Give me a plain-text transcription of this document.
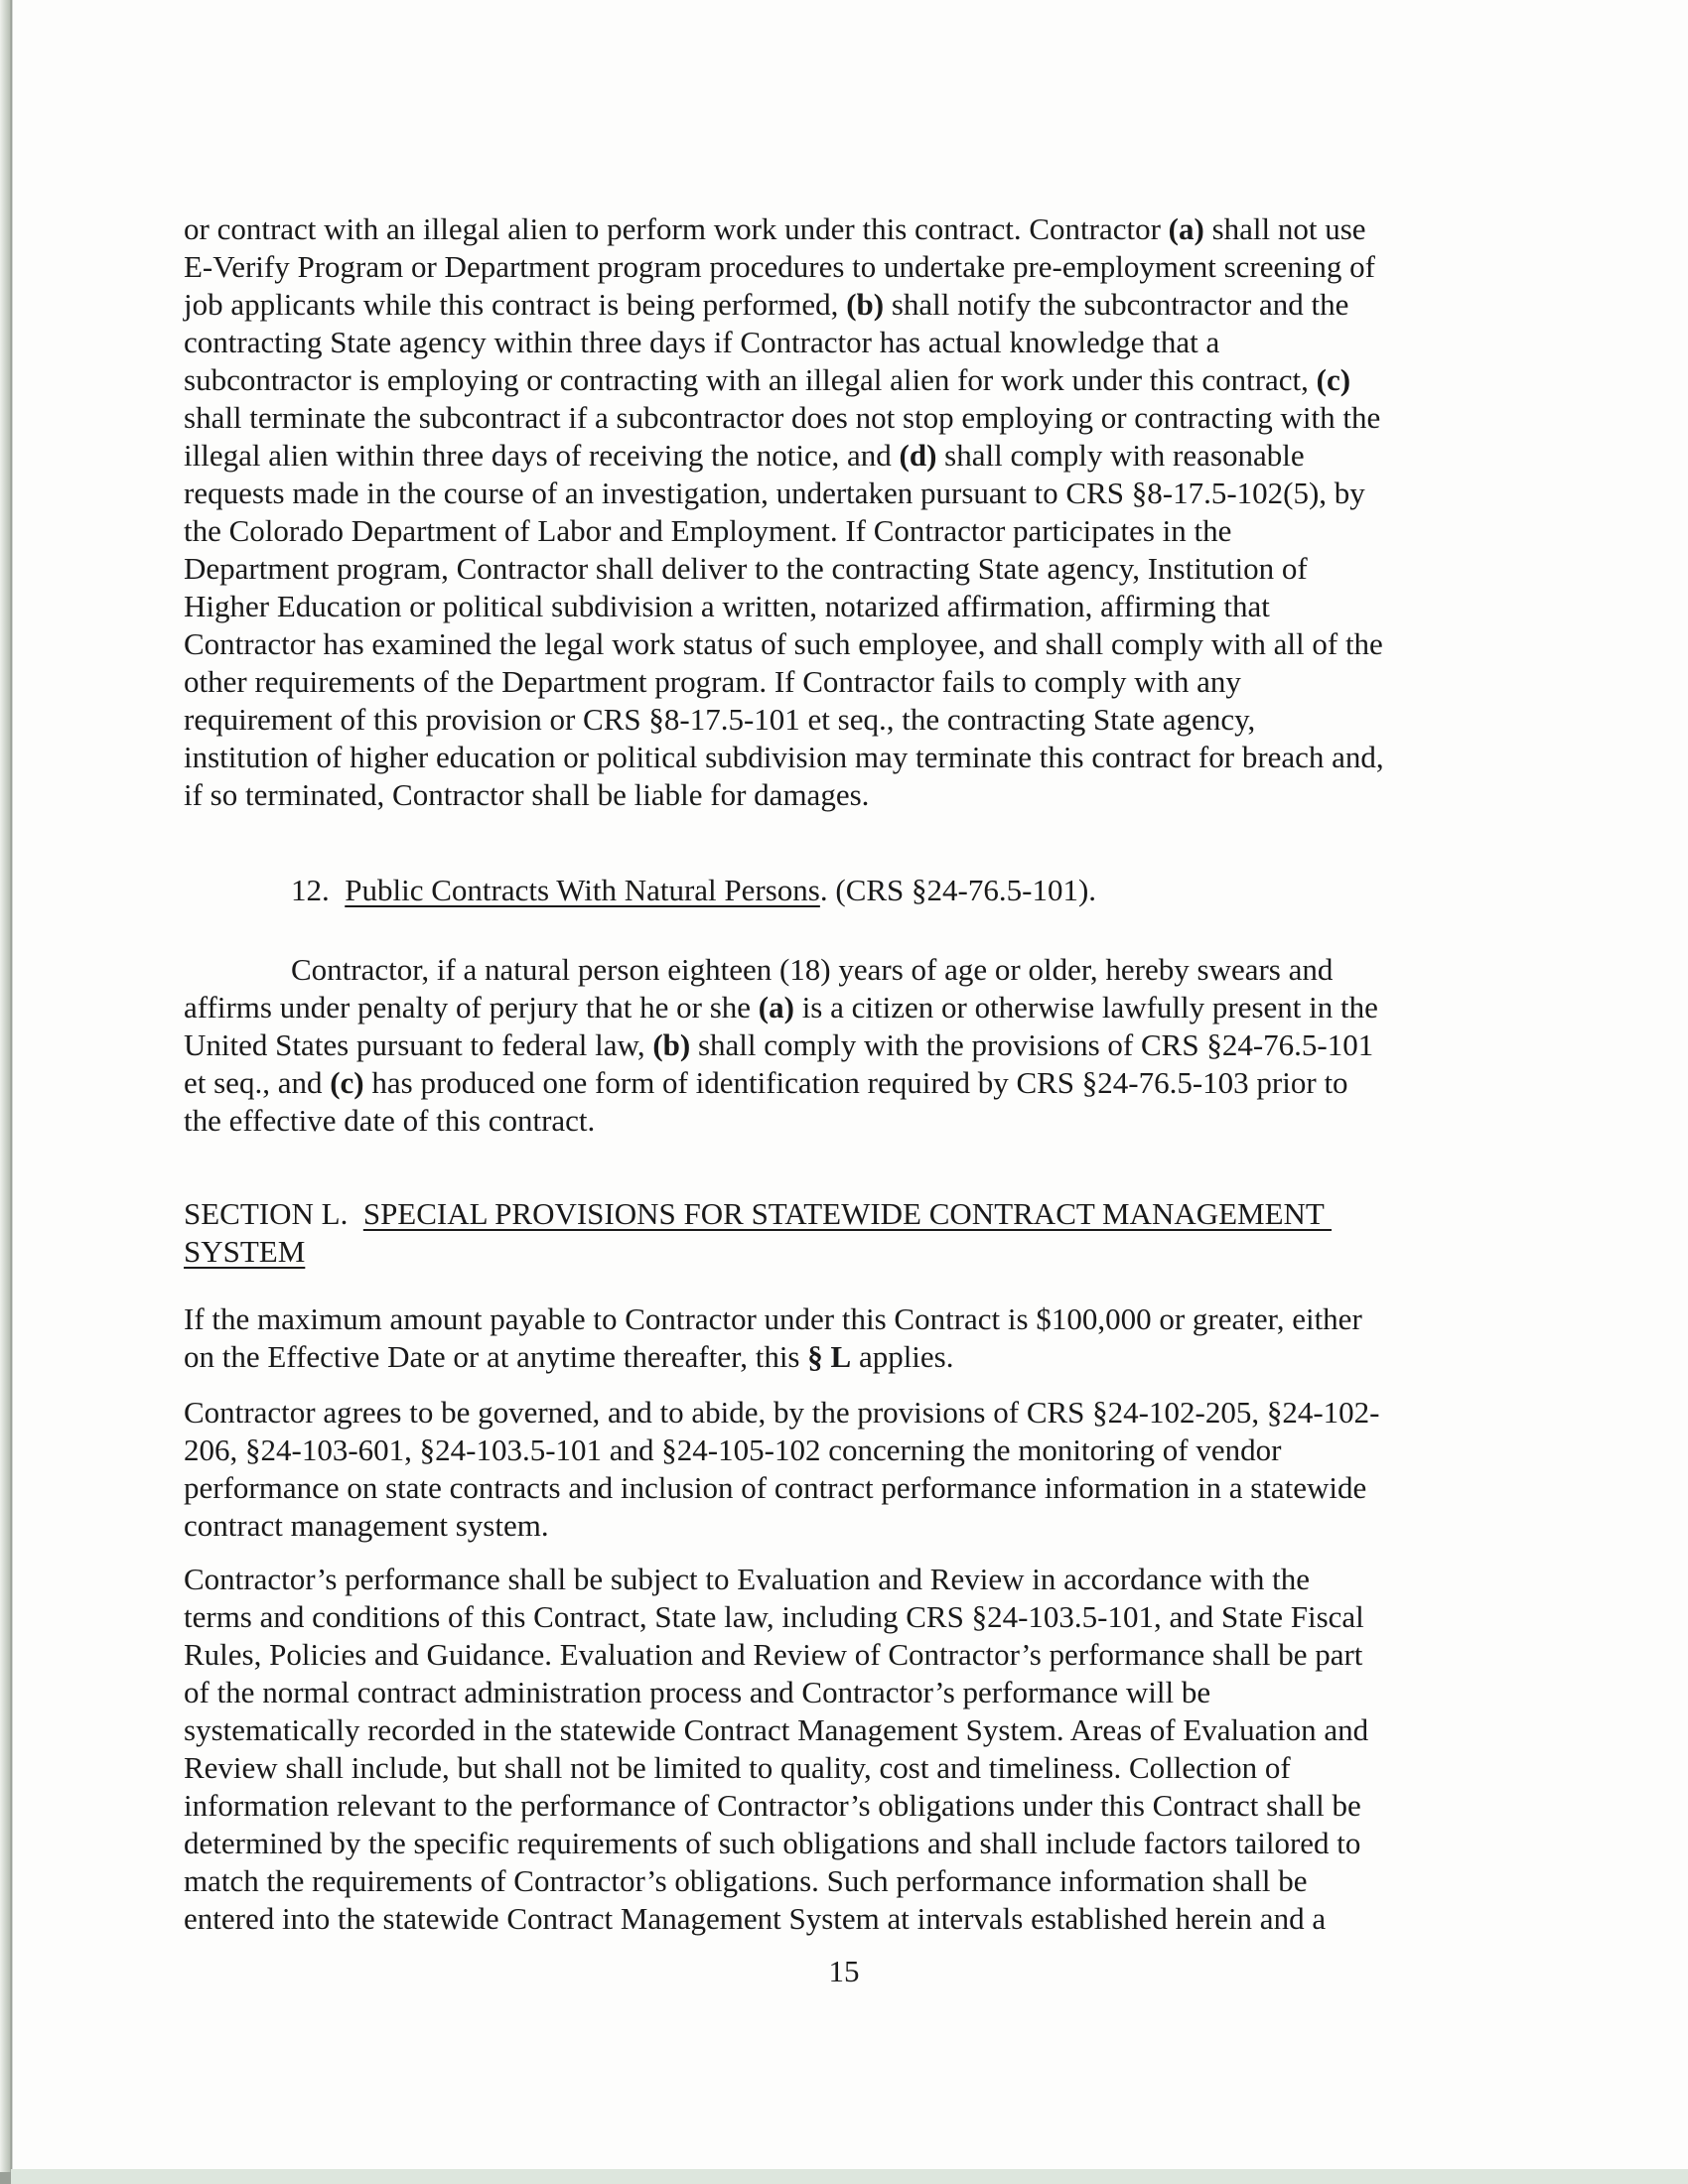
or contract with an illegal alien to perform work under this contract. Contractor (a) shall not use
E-Verify Program or Department program procedures to undertake pre-employment screening of
job applicants while this contract is being performed, (b) shall notify the subcontractor and the
contracting State agency within three days if Contractor has actual knowledge that a
subcontractor is employing or contracting with an illegal alien for work under this contract, (c)
shall terminate the subcontract if a subcontractor does not stop employing or contracting with the
illegal alien within three days of receiving the notice, and (d) shall comply with reasonable
requests made in the course of an investigation, undertaken pursuant to CRS §8-17.5-102(5), by
the Colorado Department of Labor and Employment. If Contractor participates in the
Department program, Contractor shall deliver to the contracting State agency, Institution of
Higher Education or political subdivision a written, notarized affirmation, affirming that
Contractor has examined the legal work status of such employee, and shall comply with all of the
other requirements of the Department program. If Contractor fails to comply with any
requirement of this provision or CRS §8-17.5-101 et seq., the contracting State agency,
institution of higher education or political subdivision may terminate this contract for breach and,
if so terminated, Contractor shall be liable for damages.
12.  Public Contracts With Natural Persons. (CRS §24-76.5-101).
Contractor, if a natural person eighteen (18) years of age or older, hereby swears and
affirms under penalty of perjury that he or she (a) is a citizen or otherwise lawfully present in the
United States pursuant to federal law, (b) shall comply with the provisions of CRS §24-76.5-101
et seq., and (c) has produced one form of identification required by CRS §24-76.5-103 prior to
the effective date of this contract.
SECTION L.  SPECIAL PROVISIONS FOR STATEWIDE CONTRACT MANAGEMENT
SYSTEM
If the maximum amount payable to Contractor under this Contract is $100,000 or greater, either
on the Effective Date or at anytime thereafter, this § L applies.
Contractor agrees to be governed, and to abide, by the provisions of CRS §24-102-205, §24-102-
206, §24-103-601, §24-103.5-101 and §24-105-102 concerning the monitoring of vendor
performance on state contracts and inclusion of contract performance information in a statewide
contract management system.
Contractor’s performance shall be subject to Evaluation and Review in accordance with the
terms and conditions of this Contract, State law, including CRS §24-103.5-101, and State Fiscal
Rules, Policies and Guidance. Evaluation and Review of Contractor’s performance shall be part
of the normal contract administration process and Contractor’s performance will be
systematically recorded in the statewide Contract Management System. Areas of Evaluation and
Review shall include, but shall not be limited to quality, cost and timeliness. Collection of
information relevant to the performance of Contractor’s obligations under this Contract shall be
determined by the specific requirements of such obligations and shall include factors tailored to
match the requirements of Contractor’s obligations. Such performance information shall be
entered into the statewide Contract Management System at intervals established herein and a
15
